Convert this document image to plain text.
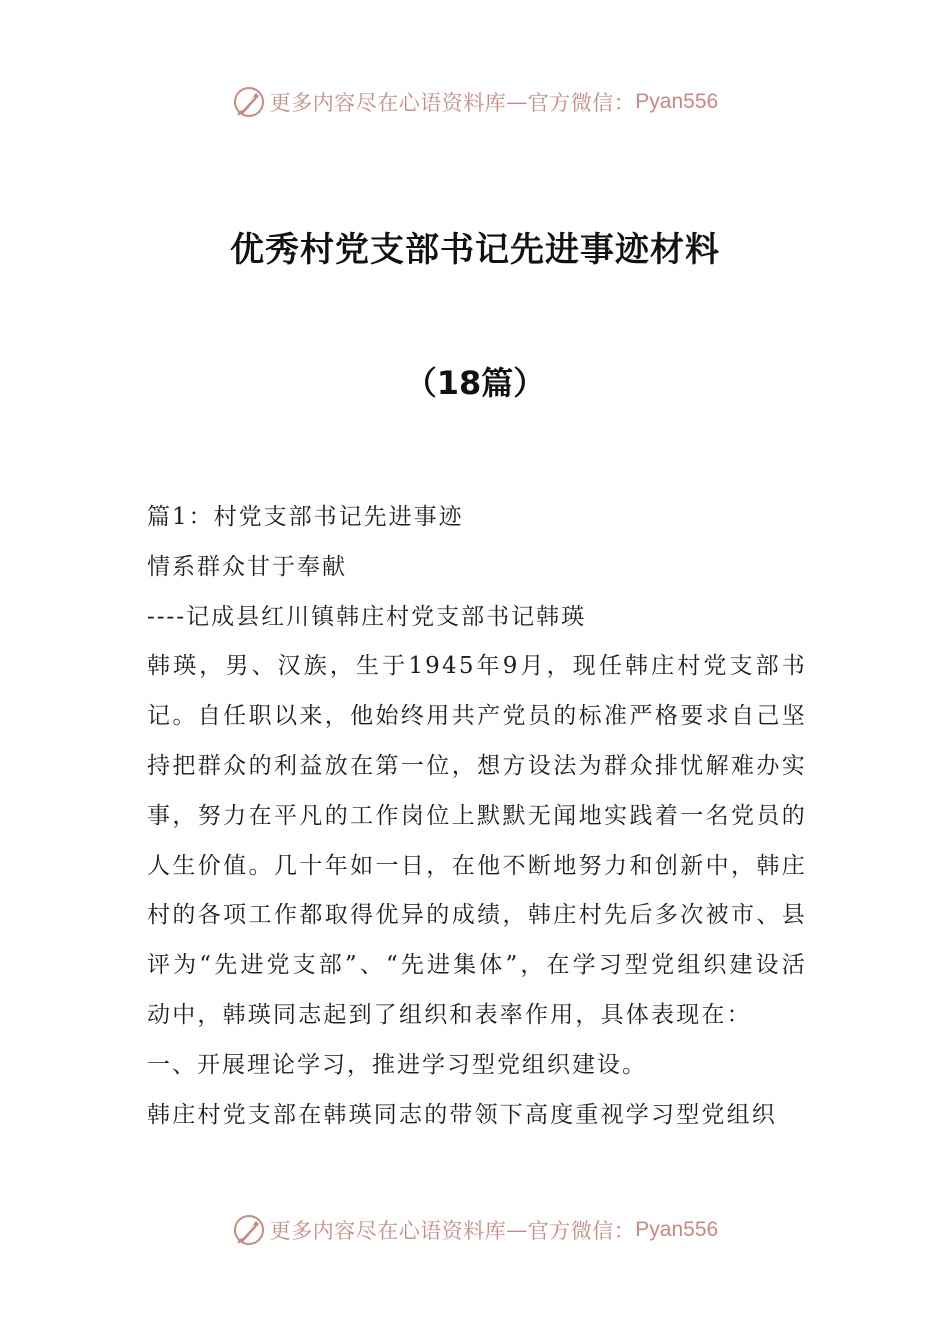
更多内容尽在心语资料库 — 官方微信： Pyan556
优秀村党支部书记先进事迹材料
（18篇）

篇1：村党支部书记先进事迹

情系群众甘于奉献

----记成县红川镇韩庄村党支部书记韩瑛

韩瑛，男、汉族，生于1945年9月，现任韩庄村党支部书记。自任职以来，他始终用共产党员的标准严格要求自己坚持把群众的利益放在第一位，想方设法为群众排忧解难办实事，努力在平凡的工作岗位上默默无闻地实践着一名党员的人生价值。几十年如一日，在他不断地努力和创新中，韩庄村的各项工作都取得优异的成绩，韩庄村先后多次被市、县评为“先进党支部”、“先进集体”，在学习型党组织建设活动中，韩瑛同志起到了组织和表率作用，具体表现在：

一、开展理论学习，推进学习型党组织建设。

韩庄村党支部在韩瑛同志的带领下高度重视学习型党组织

更多内容尽在心语资料库 — 官方微信： Pyan556
